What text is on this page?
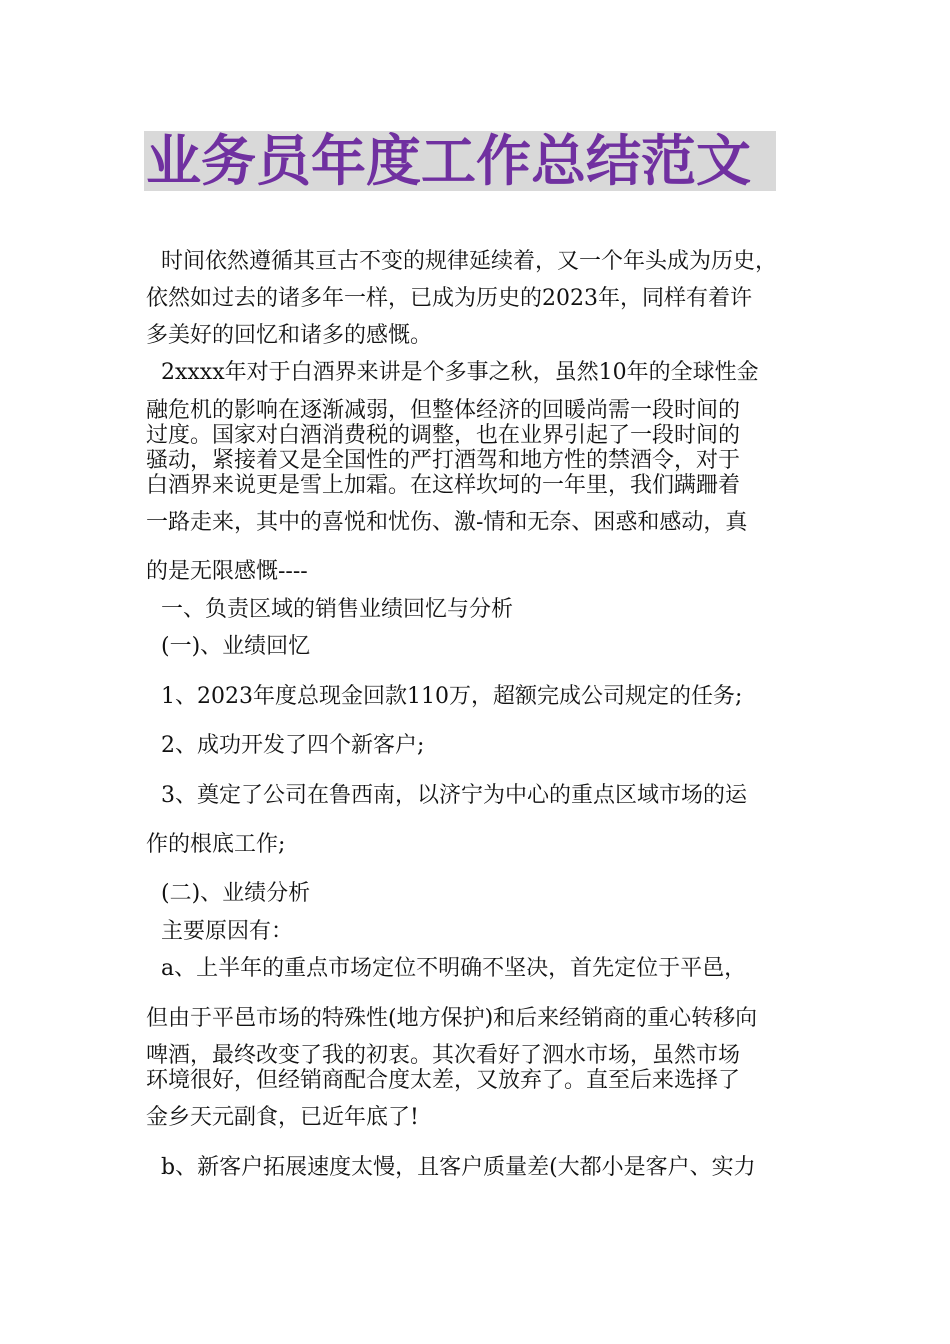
业务员年度工作总结范文
时间依然遵循其亘古不变的规律延续着，又一个年头成为历史，
依然如过去的诸多年一样，已成为历史的2023年，同样有着许
多美好的回忆和诸多的感慨。
2xxxx年对于白酒界来讲是个多事之秋，虽然10年的全球性金
融危机的影响在逐渐减弱，但整体经济的回暖尚需一段时间的
过度。国家对白酒消费税的调整，也在业界引起了一段时间的
骚动，紧接着又是全国性的严打酒驾和地方性的禁酒令，对于
白酒界来说更是雪上加霜。在这样坎坷的一年里，我们蹒跚着
一路走来，其中的喜悦和忧伤、激-情和无奈、困惑和感动，真
的是无限感慨----
一、负责区域的销售业绩回忆与分析
(一)、业绩回忆
1、2023年度总现金回款110万，超额完成公司规定的任务;
2、成功开发了四个新客户;
3、奠定了公司在鲁西南，以济宁为中心的重点区域市场的运
作的根底工作;
(二)、业绩分析
主要原因有：
a、上半年的重点市场定位不明确不坚决，首先定位于平邑，
但由于平邑市场的特殊性(地方保护)和后来经销商的重心转移向
啤酒，最终改变了我的初衷。其次看好了泗水市场，虽然市场
环境很好，但经销商配合度太差，又放弃了。直至后来选择了
金乡天元副食，已近年底了!
b、新客户拓展速度太慢，且客户质量差(大都小是客户、实力
